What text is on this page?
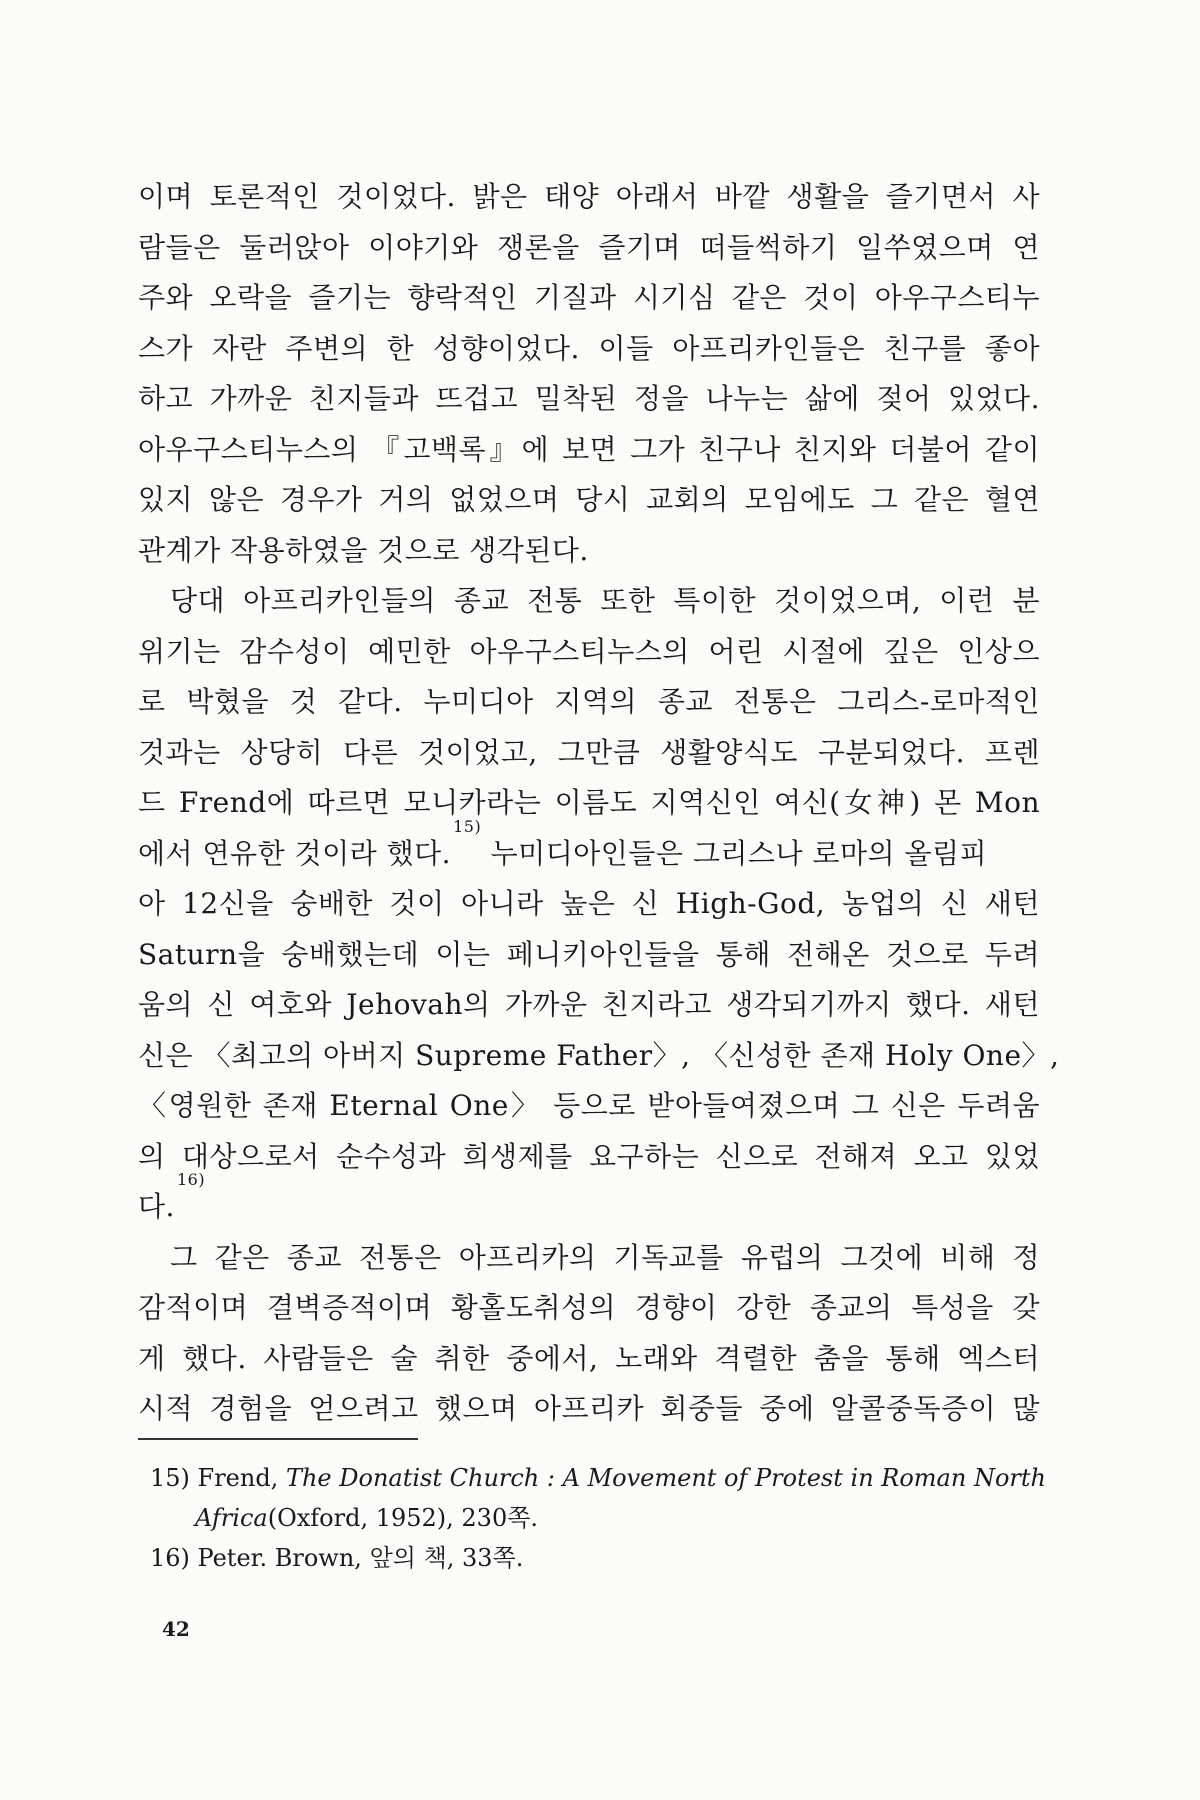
이며 토론적인 것이었다. 밝은 태양 아래서 바깥 생활을 즐기면서 사
람들은 둘러앉아 이야기와 쟁론을 즐기며 떠들썩하기 일쑤였으며 연
주와 오락을 즐기는 향락적인 기질과 시기심 같은 것이 아우구스티누
스가 자란 주변의 한 성향이었다. 이들 아프리카인들은 친구를 좋아
하고 가까운 친지들과 뜨겁고 밀착된 정을 나누는 삶에 젖어 있었다.
아우구스티누스의 『고백록』에 보면 그가 친구나 친지와 더불어 같이
있지 않은 경우가 거의 없었으며 당시 교회의 모임에도 그 같은 혈연
관계가 작용하였을 것으로 생각된다.
당대 아프리카인들의 종교 전통 또한 특이한 것이었으며, 이런 분
위기는 감수성이 예민한 아우구스티누스의 어린 시절에 깊은 인상으
로 박혔을 것 같다. 누미디아 지역의 종교 전통은 그리스-로마적인
것과는 상당히 다른 것이었고, 그만큼 생활양식도 구분되었다. 프렌
드 Frend에 따르면 모니카라는 이름도 지역신인 여신(女神) 몬 Mon
에서 연유한 것이라 했다.$^{15)}$ 누미디아인들은 그리스나 로마의 올림피
아 12신을 숭배한 것이 아니라 높은 신 High-God, 농업의 신 새턴
Saturn을 숭배했는데 이는 페니키아인들을 통해 전해온 것으로 두려
움의 신 여호와 Jehovah의 가까운 친지라고 생각되기까지 했다. 새턴
신은 〈최고의 아버지 Supreme Father〉, 〈신성한 존재 Holy One〉,
〈영원한 존재 Eternal One〉 등으로 받아들여졌으며 그 신은 두려움
의 대상으로서 순수성과 희생제를 요구하는 신으로 전해져 오고 있었
다.$^{16)}$
그 같은 종교 전통은 아프리카의 기독교를 유럽의 그것에 비해 정
감적이며 결벽증적이며 황홀도취성의 경향이 강한 종교의 특성을 갖
게 했다. 사람들은 술 취한 중에서, 노래와 격렬한 춤을 통해 엑스터
시적 경험을 얻으려고 했으며 아프리카 회중들 중에 알콜중독증이 많
15) Frend, The Donatist Church : A Movement of Protest in Roman North
Africa(Oxford, 1952), 230쪽.
16) Peter. Brown, 앞의 책, 33쪽.
42
